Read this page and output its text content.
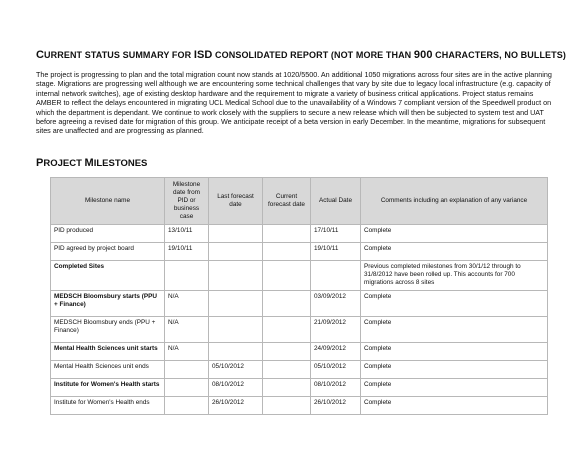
CURRENT STATUS SUMMARY FOR ISD CONSOLIDATED REPORT (NOT MORE THAN 900 CHARACTERS, NO BULLETS)
The project is progressing to plan and the total migration count now stands at 1020/5500. An additional 1050 migrations across four sites are in the active planning stage. Migrations are progressing well although we are encountering some technical challenges that vary by site due to legacy local infrastructure (e.g. capacity of internal network switches), age of existing desktop hardware and the requirement to migrate a variety of business critical applications. Project status remains AMBER to reflect the delays encountered in migrating UCL Medical School due to the unavailability of a Windows 7 compliant version of the Speedwell product on which the department is dependant. We continue to work closely with the suppliers to secure a new release which will then be subjected to system test and UAT before agreeing a revised date for migration of this group. We anticipate receipt of a beta version in early December. In the meantime, migrations for subsequent sites are unaffected and are progressing as planned.
PROJECT MILESTONES
Milestone name	Milestone date from PID or business case	Last forecast date	Current forecast date	Actual Date	Comments including an explanation of any variance
PID produced	13/10/11			17/10/11	Complete
PID agreed by project board	19/10/11			19/10/11	Complete
Completed Sites					Previous completed milestones from 30/1/12 through to 31/8/2012 have been rolled up. This accounts for 700 migrations across 8 sites
MEDSCH Bloomsbury starts (PPU + Finance)	N/A			03/09/2012	Complete
MEDSCH Bloomsbury ends (PPU + Finance)	N/A			21/09/2012	Complete
Mental Health Sciences unit starts	N/A			24/09/2012	Complete
Mental Health Sciences unit ends		05/10/2012		05/10/2012	Complete
Institute for Women's Health starts		08/10/2012		08/10/2012	Complete
Institute for Women's Health ends		26/10/2012		26/10/2012	Complete
